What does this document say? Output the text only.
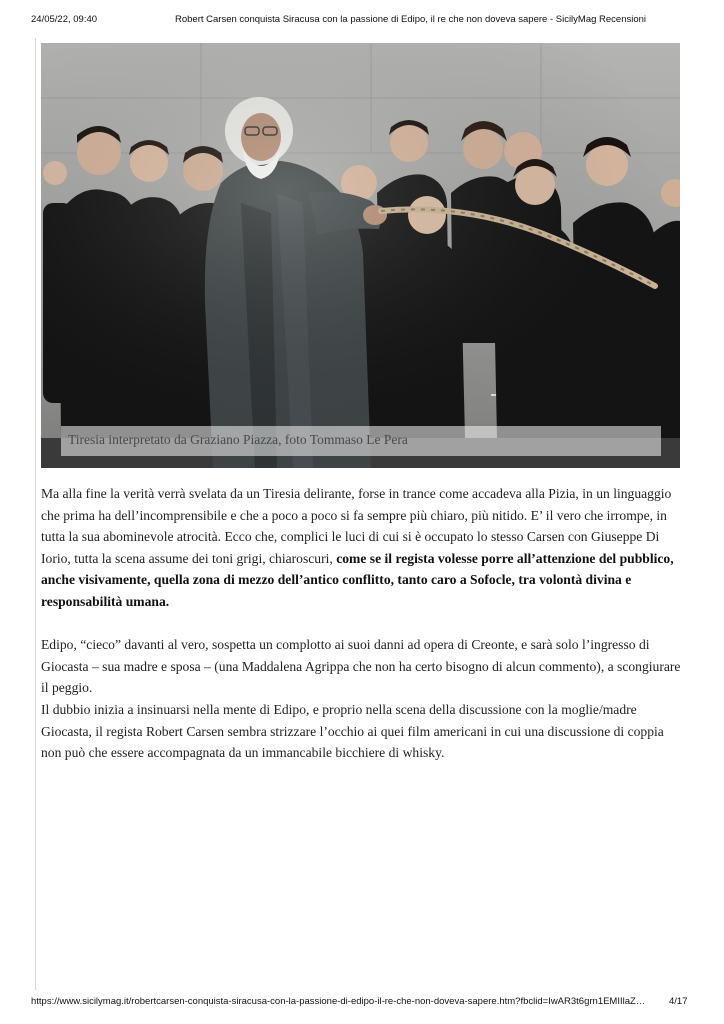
24/05/22, 09:40	Robert Carsen conquista Siracusa con la passione di Edipo, il re che non doveva sapere - SicilyMag Recensioni
Tiresia interpretato da Graziano Piazza, foto Tommaso Le Pera

Ma alla fine la verità verrà svelata da un Tiresia delirante, forse in trance come accadeva alla Pizia, in un linguaggio che prima ha dell’incomprensibile e che a poco a poco si fa sempre più chiaro, più nitido. E’ il vero che irrompe, in tutta la sua abominevole atrocità. Ecco che, complici le luci di cui si è occupato lo stesso Carsen con Giuseppe Di Iorio, tutta la scena assume dei toni grigi, chiaroscuri, come se il regista volesse porre all’attenzione del pubblico, anche visivamente, quella zona di mezzo dell’antico conflitto, tanto caro a Sofocle, tra volontà divina e responsabilità umana.

Edipo, “cieco” davanti al vero, sospetta un complotto ai suoi danni ad opera di Creonte, e sarà solo l’ingresso di Giocasta – sua madre e sposa – (una Maddalena Agrippa che non ha certo bisogno di alcun commento), a scongiurare il peggio.

Il dubbio inizia a insinuarsi nella mente di Edipo, e proprio nella scena della discussione con la moglie/madre Giocasta, il regista Robert Carsen sembra strizzare l’occhio ai quei film americani in cui una discussione di coppia non può che essere accompagnata da un immancabile bicchiere di whisky.

https://www.sicilymag.it/robertcarsen-conquista-siracusa-con-la-passione-di-edipo-il-re-che-non-doveva-sapere.htm?fbclid=IwAR3t6grn1EMIIlaZ… 4/17
